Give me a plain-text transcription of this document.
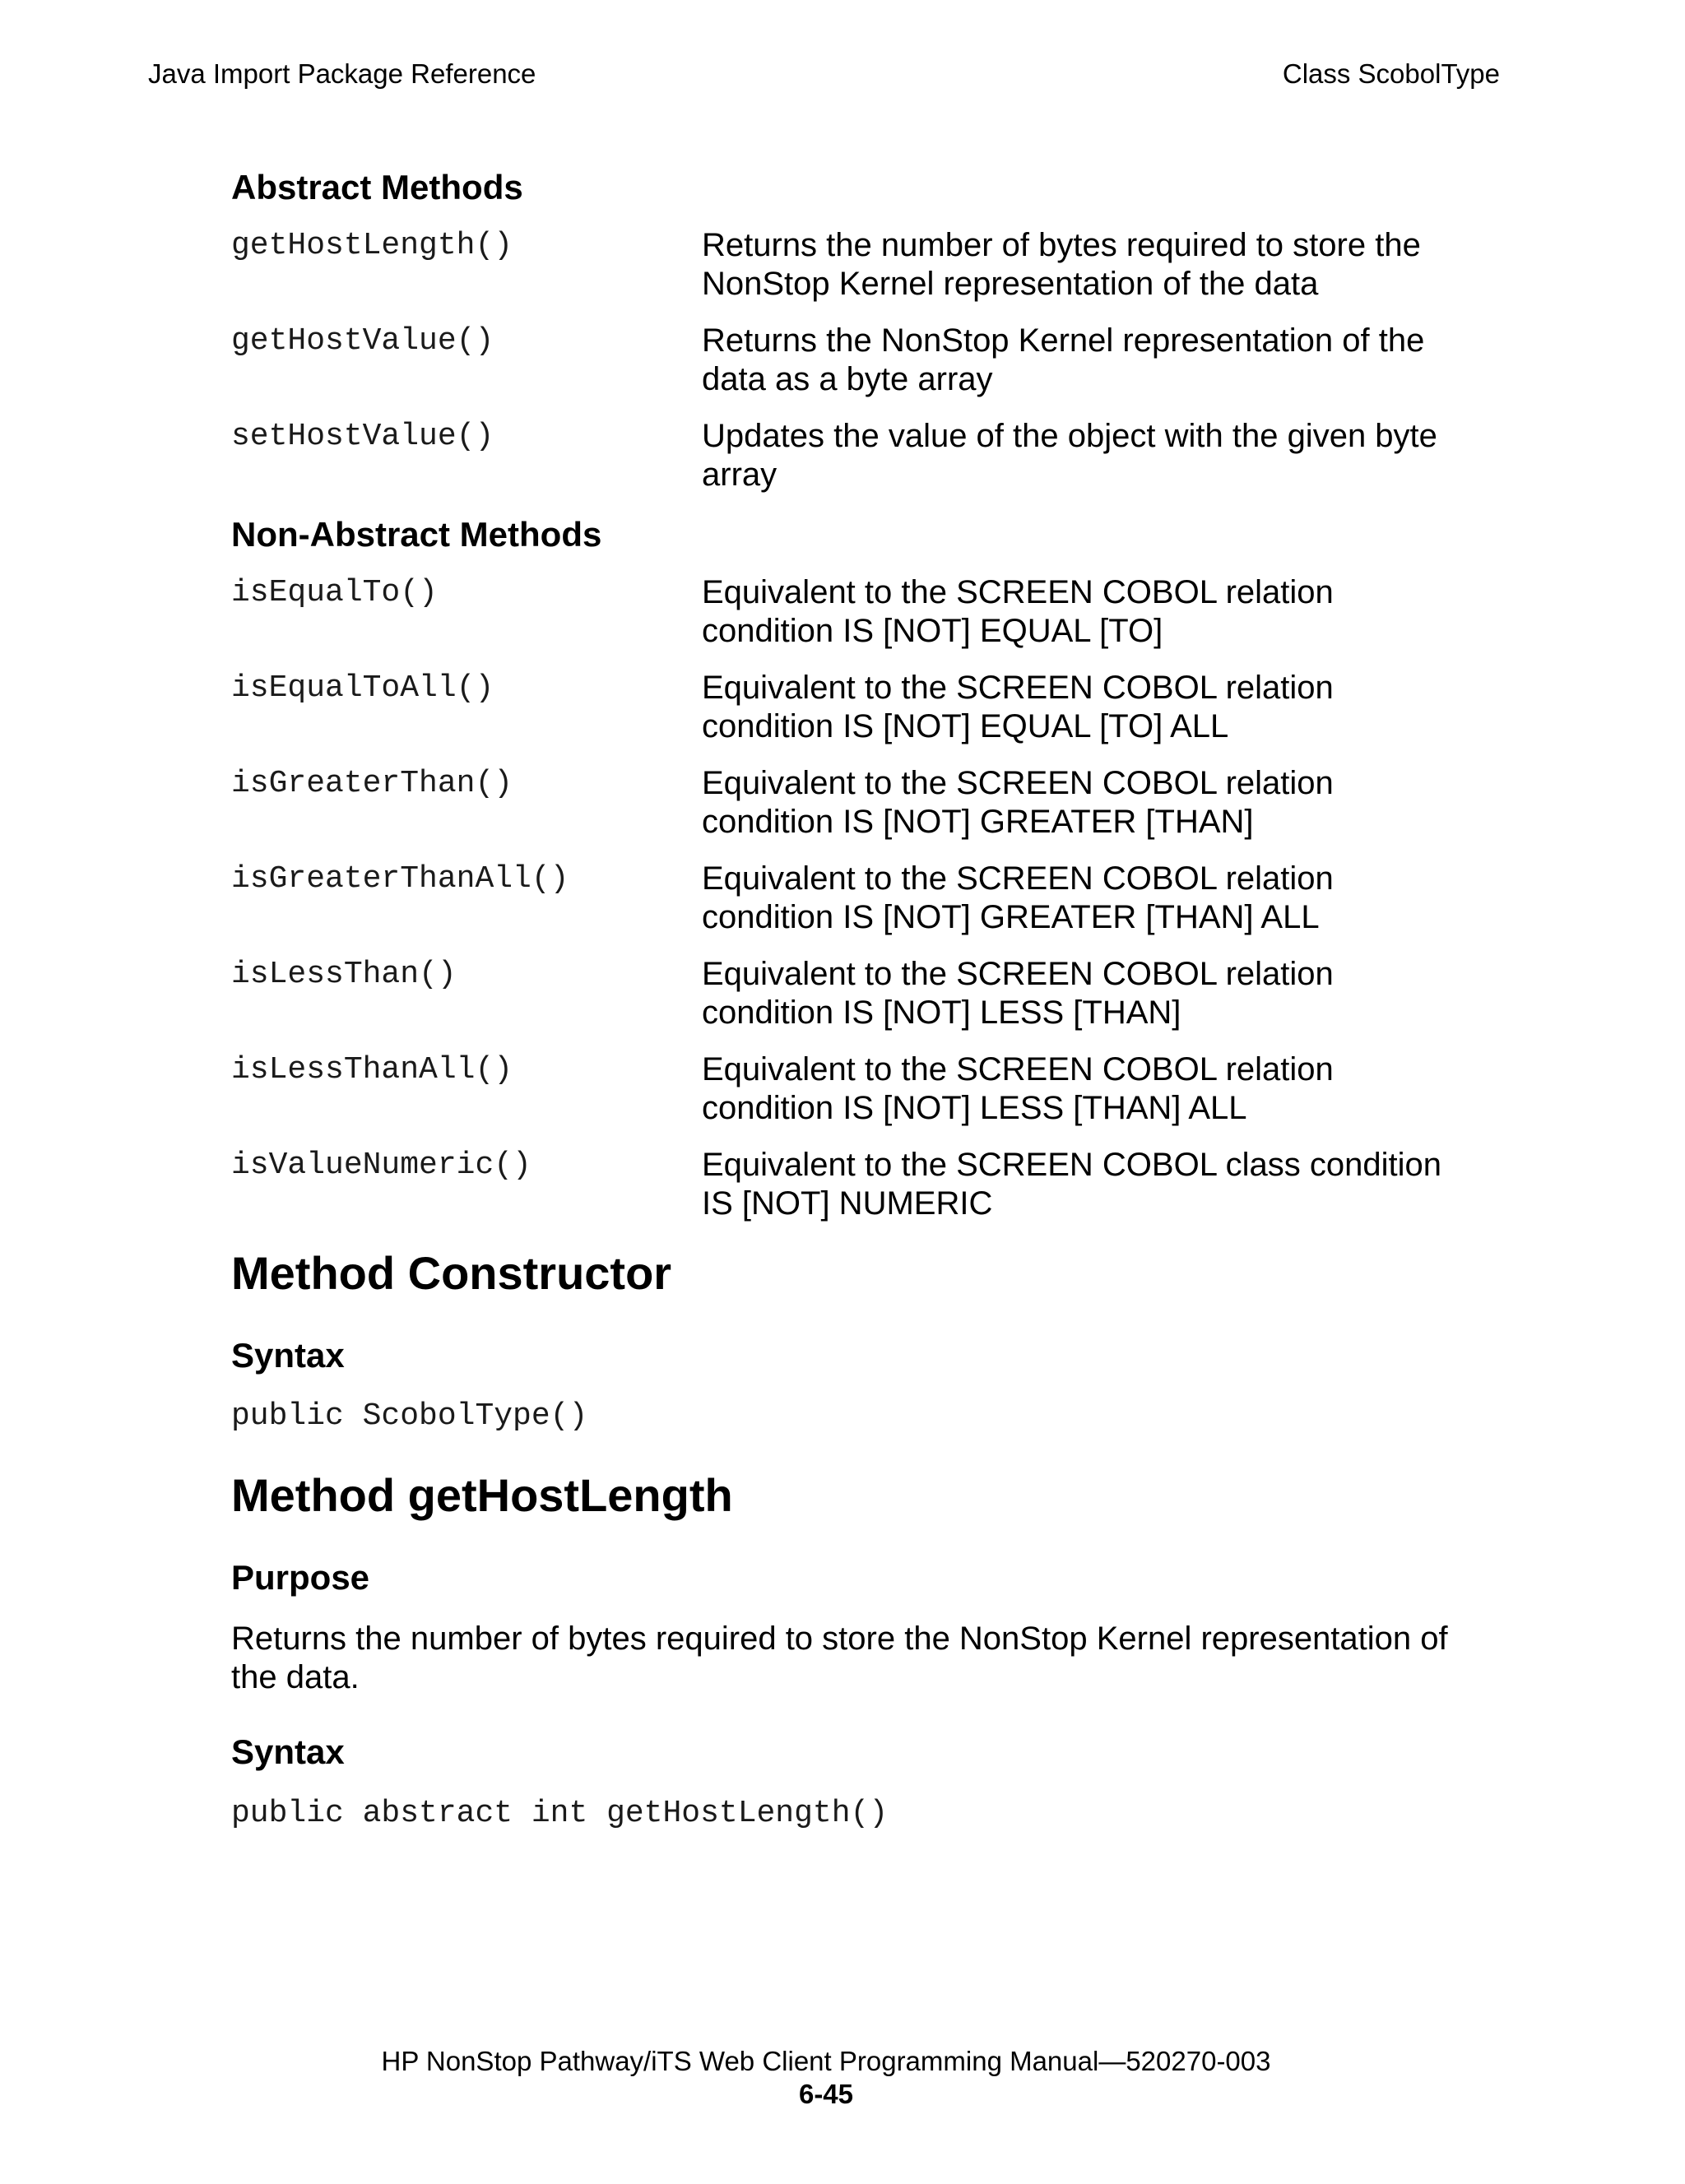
Java Import Package Reference	Class ScobolType
Abstract Methods
getHostLength()	Returns the number of bytes required to store the NonStop Kernel representation of the data
getHostValue()	Returns the NonStop Kernel representation of the data as a byte array
setHostValue()	Updates the value of the object with the given byte array
Non-Abstract Methods
isEqualTo()	Equivalent to the SCREEN COBOL relation condition IS [NOT] EQUAL [TO]
isEqualToAll()	Equivalent to the SCREEN COBOL relation condition IS [NOT] EQUAL [TO] ALL
isGreaterThan()	Equivalent to the SCREEN COBOL relation condition IS [NOT] GREATER [THAN]
isGreaterThanAll()	Equivalent to the SCREEN COBOL relation condition IS [NOT] GREATER [THAN] ALL
isLessThan()	Equivalent to the SCREEN COBOL relation condition IS [NOT] LESS [THAN]
isLessThanAll()	Equivalent to the SCREEN COBOL relation condition IS [NOT] LESS [THAN] ALL
isValueNumeric()	Equivalent to the SCREEN COBOL class condition IS [NOT] NUMERIC
Method Constructor
Syntax

public ScobolType()

Method getHostLength
Purpose

Returns the number of bytes required to store the NonStop Kernel representation of the data.

Syntax

public abstract int getHostLength()

HP NonStop Pathway/iTS Web Client Programming Manual—520270-003
6-45
